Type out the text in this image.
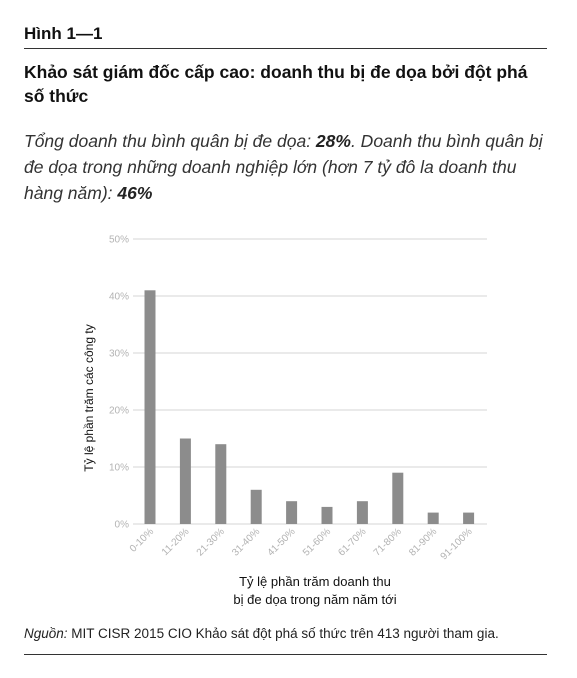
Hình 1—1
Khảo sát giám đốc cấp cao: doanh thu bị đe dọa bởi đột phá số thức
Tổng doanh thu bình quân bị đe dọa: 28%. Doanh thu bình quân bị đe dọa trong những doanh nghiệp lớn (hơn 7 tỷ đô la doanh thu hàng năm): 46%
0%
10%
20%
30%
40%
50%
0-10% 11-20% 21-30% 31-40% 41-50% 51-60% 61-70% 71-80% 81-90% 91-100%
Tỷ lệ phần trăm các công ty
Tỷ lệ phần trăm doanh thu
bị đe dọa trong năm năm tới
Nguồn: MIT CISR 2015 CIO Khảo sát đột phá số thức trên 413 người tham gia.
